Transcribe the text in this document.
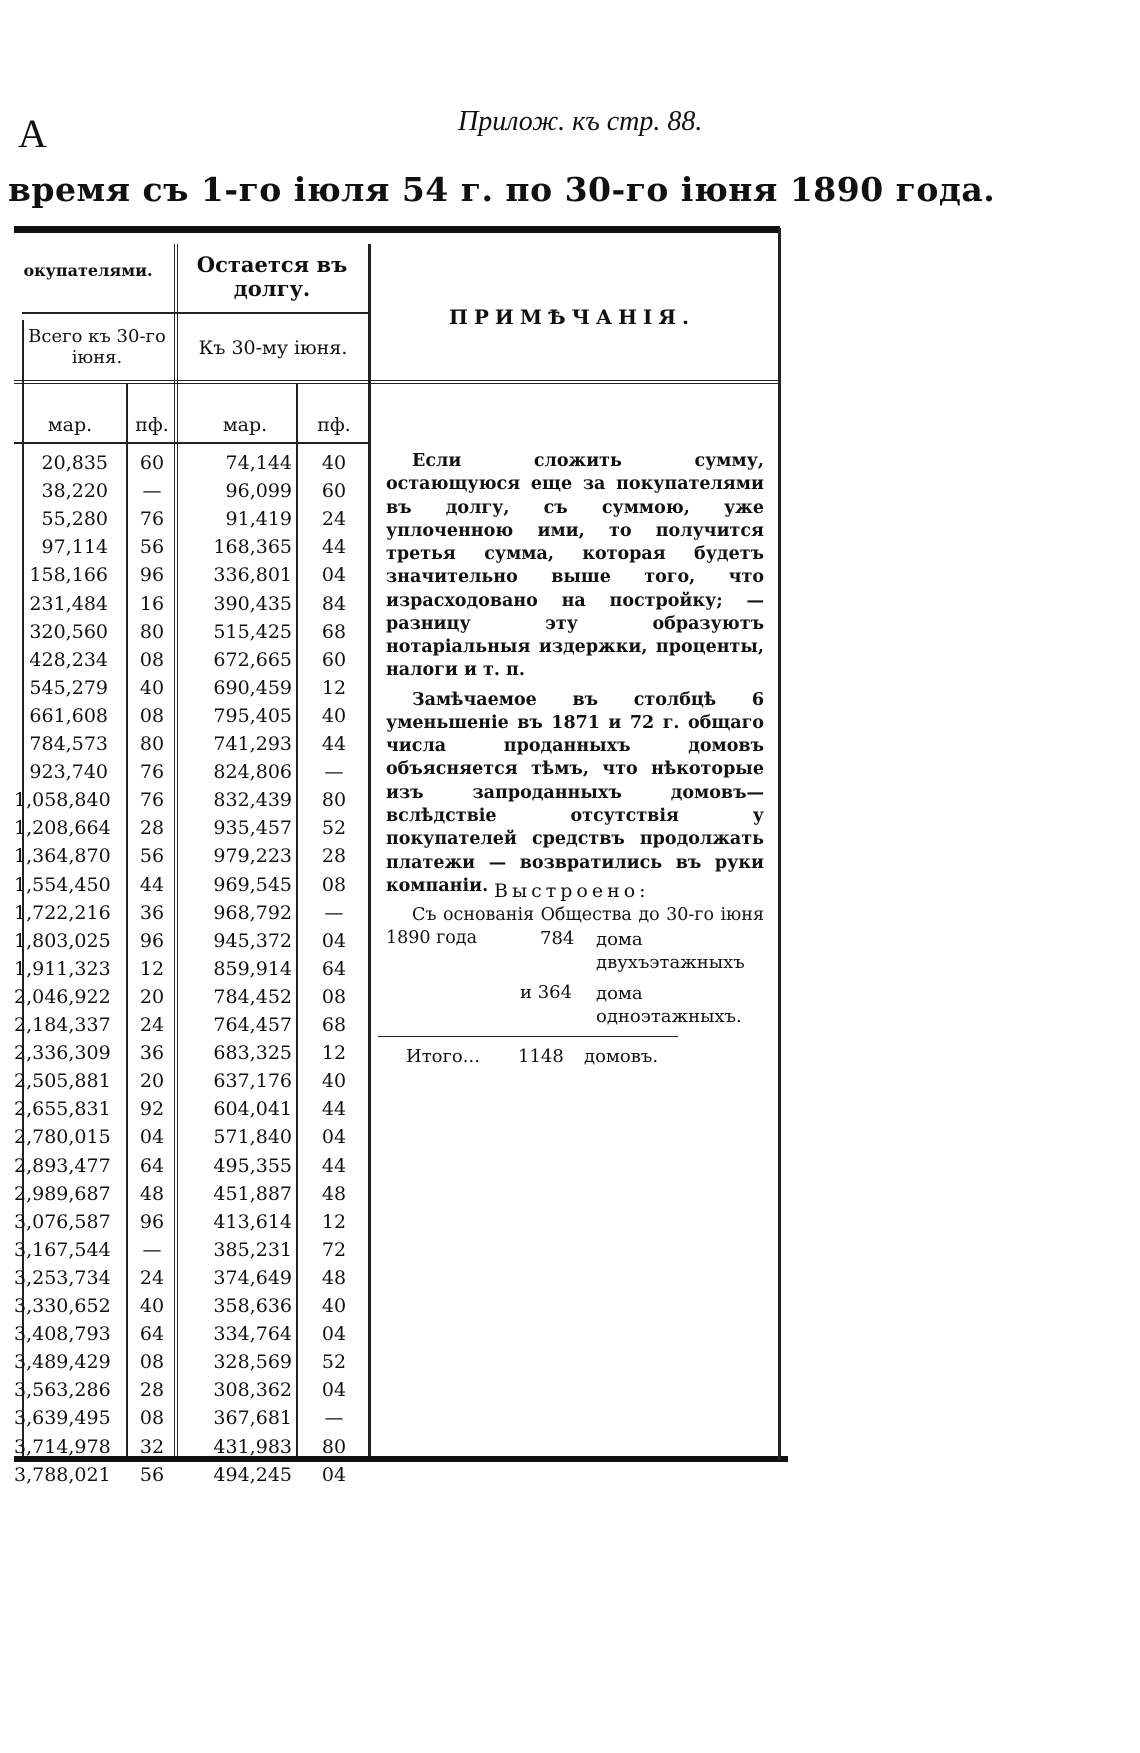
A	Прилож. къ стр. 88.
время съ 1-го іюля 54 г. по 30-го іюня 1890 года.
окупателями.	Остается въ долгу.
Всего къ 30-го іюня.	Къ 30-му іюня.
ПРИМѢЧАНІЯ.
мар.	пф.	мар.	пф.
20,835	60	74,144	40
38,220	—	96,099	60
55,280	76	91,419	24
97,114	56	168,365	44
158,166	96	336,801	04
231,484	16	390,435	84
320,560	80	515,425	68
428,234	08	672,665	60
545,279	40	690,459	12
661,608	08	795,405	40
784,573	80	741,293	44
923,740	76	824,806	—
1,058,840	76	832,439	80
1,208,664	28	935,457	52
1,364,870	56	979,223	28
1,554,450	44	969,545	08
1,722,216	36	968,792	—
1,803,025	96	945,372	04
1,911,323	12	859,914	64
2,046,922	20	784,452	08
2,184,337	24	764,457	68
2,336,309	36	683,325	12
2,505,881	20	637,176	40
2,655,831	92	604,041	44
2,780,015	04	571,840	04
2,893,477	64	495,355	44
2,989,687	48	451,887	48
3,076,587	96	413,614	12
3,167,544	—	385,231	72
3,253,734	24	374,649	48
3,330,652	40	358,636	40
3,408,793	64	334,764	04
3,489,429	08	328,569	52
3,563,286	28	308,362	04
3,639,495	08	367,681	—
3,714,978	32	431,983	80
3,788,021	56	494,245	04

Если сложить сумму, остающуюся еще за покупателями въ долгу, съ суммою, уже уплоченною ими, то получится третья сумма, которая будетъ значительно выше того, что израсходовано на постройку; — разницу эту образуютъ нотаріальныя издержки, проценты, налоги и т. п.

Замѣчаемое въ столбцѣ 6 уменьшеніе въ 1871 и 72 г. общаго числа проданныхъ домовъ объясняется тѣмъ, что нѣкоторые изъ запроданныхъ домовъ—вслѣдствіе отсутствія у покупателей средствъ продолжать платежи — возвратились въ руки компаніи.

Съ основанія Общества до 30-го іюня 1890 года

Выстроено:
784 дома двухъэтажныхъ
и 364 дома одноэтажныхъ.
Итого... 1148 домовъ.
